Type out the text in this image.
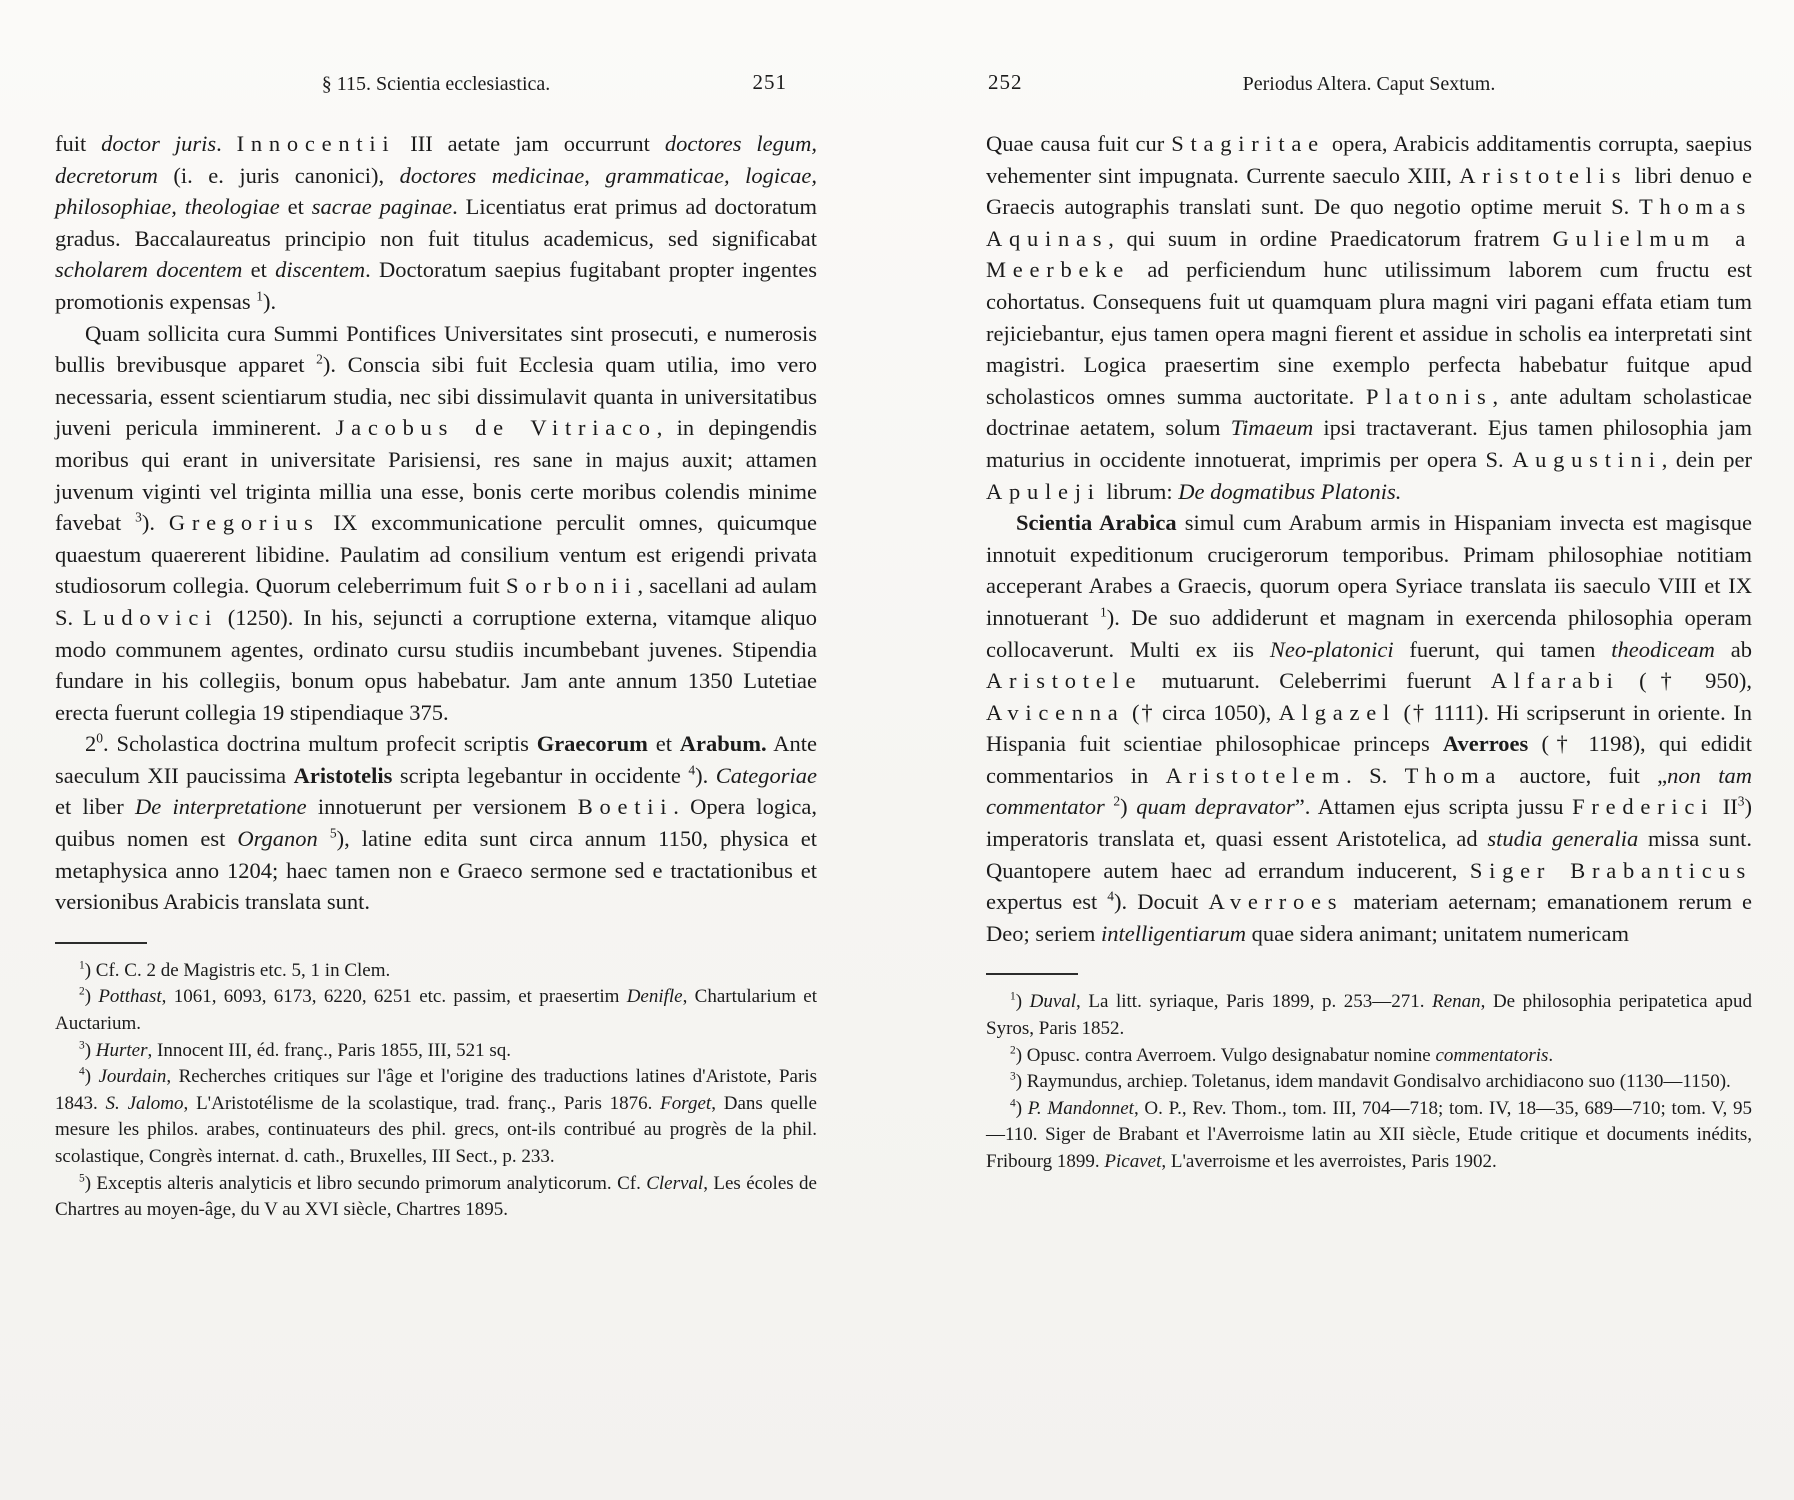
§ 115. Scientia ecclesiastica.	251

fuit doctor juris. Innocentii III aetate jam occurrunt doctores legum, decretorum (i. e. juris canonici), doctores medicinae, grammaticae, logicae, philosophiae, theologiae et sacrae paginae. Licentiatus erat primus ad doctoratum gradus. Baccalaureatus principio non fuit titulus academicus, sed significabat scholarem docentem et discentem. Doctoratum saepius fugitabant propter ingentes promotionis expensas $^1$).

Quam sollicita cura Summi Pontifices Universitates sint prosecuti, e numerosis bullis brevibusque apparet $^2$). Conscia sibi fuit Ecclesia quam utilia, imo vero necessaria, essent scientiarum studia, nec sibi dissimulavit quanta in universitatibus juveni pericula imminerent. Jacobus de Vitriaco, in depingendis moribus qui erant in universitate Parisiensi, res sane in majus auxit; attamen juvenum viginti vel triginta millia una esse, bonis certe moribus colendis minime favebat $^3$). Gregorius IX excommunicatione perculit omnes, quicumque quaestum quaererent libidine. Paulatim ad consilium ventum est erigendi privata studiosorum collegia. Quorum celeberrimum fuit Sorbonii, sacellani ad aulam S. Ludovici (1250). In his, sejuncti a corruptione externa, vitamque aliquo modo communem agentes, ordinato cursu studiis incumbebant juvenes. Stipendia fundare in his collegiis, bonum opus habebatur. Jam ante annum 1350 Lutetiae erecta fuerunt collegia 19 stipendiaque 375.

2$^0$. Scholastica doctrina multum profecit scriptis Graecorum et Arabum. Ante saeculum XII paucissima Aristotelis scripta legebantur in occidente $^4$). Categoriae et liber De interpretatione innotuerunt per versionem Boetii. Opera logica, quibus nomen est Organon $^5$), latine edita sunt circa annum 1150, physica et metaphysica anno 1204; haec tamen non e Graeco sermone sed e tractationibus et versionibus Arabicis translata sunt.

$^1$) Cf. C. 2 de Magistris etc. 5, 1 in Clem.

$^2$) Potthast, 1061, 6093, 6173, 6220, 6251 etc. passim, et praesertim Denifle, Chartularium et Auctarium.

$^3$) Hurter, Innocent III, éd. franç., Paris 1855, III, 521 sq.

$^4$) Jourdain, Recherches critiques sur l'âge et l'origine des traductions latines d'Aristote, Paris 1843. S. Jalomo, L'Aristotélisme de la scolastique, trad. franç., Paris 1876. Forget, Dans quelle mesure les philos. arabes, continuateurs des phil. grecs, ont-ils contribué au progrès de la phil. scolastique, Congrès internat. d. cath., Bruxelles, III Sect., p. 233.

$^5$) Exceptis alteris analyticis et libro secundo primorum analyticorum. Cf. Clerval, Les écoles de Chartres au moyen-âge, du V au XVI siècle, Chartres 1895.

252	Periodus Altera. Caput Sextum.

Quae causa fuit cur Stagiritae opera, Arabicis additamentis corrupta, saepius vehementer sint impugnata. Currente saeculo XIII, Aristotelis libri denuo e Graecis autographis translati sunt. De quo negotio optime meruit S. Thomas Aquinas, qui suum in ordine Praedicatorum fratrem Gulielmum a Meerbeke ad perficiendum hunc utilissimum laborem cum fructu est cohortatus. Consequens fuit ut quamquam plura magni viri pagani effata etiam tum rejiciebantur, ejus tamen opera magni fierent et assidue in scholis ea interpretati sint magistri. Logica praesertim sine exemplo perfecta habebatur fuitque apud scholasticos omnes summa auctoritate. Platonis, ante adultam scholasticae doctrinae aetatem, solum Timaeum ipsi tractaverant. Ejus tamen philosophia jam maturius in occidente innotuerat, imprimis per opera S. Augustini, dein per Apuleji librum: De dogmatibus Platonis.

Scientia Arabica simul cum Arabum armis in Hispaniam invecta est magisque innotuit expeditionum crucigerorum temporibus. Primam philosophiae notitiam acceperant Arabes a Graecis, quorum opera Syriace translata iis saeculo VIII et IX innotuerant $^1$). De suo addiderunt et magnam in exercenda philosophia operam collocaverunt. Multi ex iis Neo-platonici fuerunt, qui tamen theodiceam ab Aristotele mutuarunt. Celeberrimi fuerunt Alfarabi († 950), Avicenna († circa 1050), Algazel († 1111). Hi scripserunt in oriente. In Hispania fuit scientiae philosophicae princeps Averroes († 1198), qui edidit commentarios in Aristotelem. S. Thoma auctore, fuit „non tam commentator $^2$) quam depravator”. Attamen ejus scripta jussu Frederici II$^3$) imperatoris translata et, quasi essent Aristotelica, ad studia generalia missa sunt. Quantopere autem haec ad errandum inducerent, Siger Brabanticus expertus est $^4$). Docuit Averroes materiam aeternam; emanationem rerum e Deo; seriem intelligentiarum quae sidera animant; unitatem numericam

$^1$) Duval, La litt. syriaque, Paris 1899, p. 253—271. Renan, De philosophia peripatetica apud Syros, Paris 1852.

$^2$) Opusc. contra Averroem. Vulgo designabatur nomine commentatoris.

$^3$) Raymundus, archiep. Toletanus, idem mandavit Gondisalvo archidiacono suo (1130—1150).

$^4$) P. Mandonnet, O. P., Rev. Thom., tom. III, 704—718; tom. IV, 18—35, 689—710; tom. V, 95—110. Siger de Brabant et l'Averroisme latin au XII siècle, Etude critique et documents inédits, Fribourg 1899. Picavet, L'averroisme et les averroistes, Paris 1902.
